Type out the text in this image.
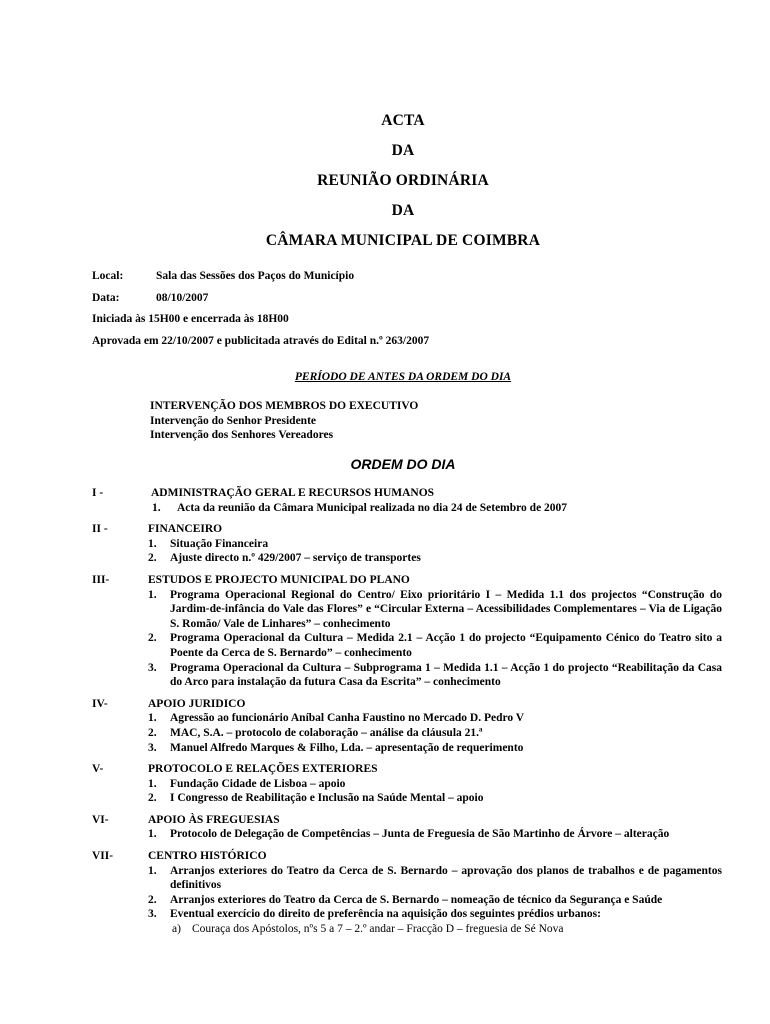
ACTA
DA
REUNIÃO ORDINÁRIA
DA
CÂMARA MUNICIPAL DE COIMBRA
Local:	Sala das Sessões dos Paços do Município
Data:	08/10/2007
Iniciada às 15H00 e encerrada às 18H00
Aprovada em 22/10/2007 e publicitada através do Edital n.º 263/2007
PERÍODO DE ANTES DA ORDEM DO DIA
INTERVENÇÃO DOS MEMBROS DO EXECUTIVO
Intervenção do Senhor Presidente
Intervenção dos Senhores Vereadores
ORDEM DO DIA
I -	ADMINISTRAÇÃO GERAL E RECURSOS HUMANOS
1.	Acta da reunião da Câmara Municipal realizada no dia 24 de Setembro de 2007
II -	FINANCEIRO
1.	Situação Financeira
2.	Ajuste directo n.º 429/2007 – serviço de transportes
III-	ESTUDOS E PROJECTO MUNICIPAL DO PLANO
1.	Programa Operacional Regional do Centro/ Eixo prioritário I – Medida 1.1 dos projectos “Construção do Jardim-de-infância do Vale das Flores” e “Circular Externa – Acessibilidades Complementares – Via de Ligação S. Romão/ Vale de Linhares” – conhecimento
2.	Programa Operacional da Cultura – Medida 2.1 – Acção 1 do projecto “Equipamento Cénico do Teatro sito a Poente da Cerca de S. Bernardo” – conhecimento
3.	Programa Operacional da Cultura – Subprograma 1 – Medida 1.1 – Acção 1 do projecto “Reabilitação da Casa do Arco para instalação da futura Casa da Escrita” – conhecimento
IV-	APOIO JURIDICO
1.	Agressão ao funcionário Aníbal Canha Faustino no Mercado D. Pedro V
2.	MAC, S.A. – protocolo de colaboração – análise da cláusula 21.ª
3.	Manuel Alfredo Marques & Filho, Lda. – apresentação de requerimento
V-	PROTOCOLO E RELAÇÕES EXTERIORES
1.	Fundação Cidade de Lisboa – apoio
2.	I Congresso de Reabilitação e Inclusão na Saúde Mental – apoio
VI-	APOIO ÀS FREGUESIAS
1.	Protocolo de Delegação de Competências – Junta de Freguesia de São Martinho de Árvore – alteração
VII-	CENTRO HISTÓRICO
1.	Arranjos exteriores do Teatro da Cerca de S. Bernardo – aprovação dos planos de trabalhos e de pagamentos definitivos
2.	Arranjos exteriores do Teatro da Cerca de S. Bernardo – nomeação de técnico da Segurança e Saúde
3.	Eventual exercício do direito de preferência na aquisição dos seguintes prédios urbanos:
a) Couraça dos Apóstolos, nºs 5 a 7 – 2.º andar – Fracção D – freguesia de Sé Nova
